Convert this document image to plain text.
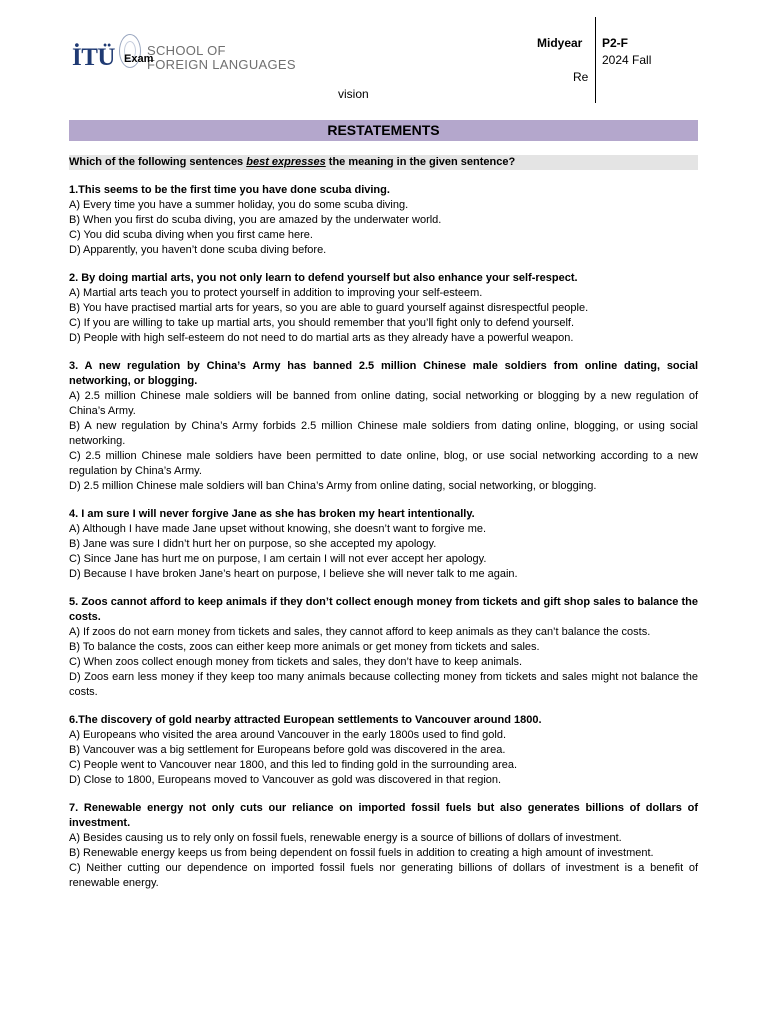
İTÜ SCHOOL OF
FOREIGN LANGUAGES
Exam
Midyear
Re
vision
P2-F
2024 Fall
RESTATEMENTS
Which of the following sentences best expresses the meaning in the given sentence?
1.This seems to be the first time you have done scuba diving.
A) Every time you have a summer holiday, you do some scuba diving.
B) When you first do scuba diving, you are amazed by the underwater world.
C) You did scuba diving when you first came here.
D) Apparently, you haven’t done scuba diving before.
2. By doing martial arts, you not only learn to defend yourself but also enhance your self-respect.
A) Martial arts teach you to protect yourself in addition to improving your self-esteem.
B) You have practised martial arts for years, so you are able to guard yourself against disrespectful people.
C) If you are willing to take up martial arts, you should remember that you’ll fight only to defend yourself.
D) People with high self-esteem do not need to do martial arts as they already have a powerful weapon.
3. A new regulation by China’s Army has banned 2.5 million Chinese male soldiers from online dating, social networking, or blogging.
A) 2.5 million Chinese male soldiers will be banned from online dating, social networking or blogging by a new regulation of China’s Army.
B) A new regulation by China’s Army forbids 2.5 million Chinese male soldiers from dating online, blogging, or using social networking.
C) 2.5 million Chinese male soldiers have been permitted to date online, blog, or use social networking according to a new regulation by China’s Army.
D) 2.5 million Chinese male soldiers will ban China’s Army from online dating, social networking, or blogging.
4. I am sure I will never forgive Jane as she has broken my heart intentionally.
A) Although I have made Jane upset without knowing, she doesn’t want to forgive me.
B) Jane was sure I didn’t hurt her on purpose, so she accepted my apology.
C) Since Jane has hurt me on purpose, I am certain I will not ever accept her apology.
D) Because I have broken Jane’s heart on purpose, I believe she will never talk to me again.
5. Zoos cannot afford to keep animals if they don’t collect enough money from tickets and gift shop sales to balance the costs.
A) If zoos do not earn money from tickets and sales, they cannot afford to keep animals as they can’t balance the costs.
B) To balance the costs, zoos can either keep more animals or get money from tickets and sales.
C) When zoos collect enough money from tickets and sales, they don’t have to keep animals.
D) Zoos earn less money if they keep too many animals because collecting money from tickets and sales might not balance the costs.
6.The discovery of gold nearby attracted European settlements to Vancouver around 1800.
A) Europeans who visited the area around Vancouver in the early 1800s used to find gold.
B) Vancouver was a big settlement for Europeans before gold was discovered in the area.
C) People went to Vancouver near 1800, and this led to finding gold in the surrounding area.
D) Close to 1800, Europeans moved to Vancouver as gold was discovered in that region.
7. Renewable energy not only cuts our reliance on imported fossil fuels but also generates billions of dollars of investment.
A) Besides causing us to rely only on fossil fuels, renewable energy is a source of billions of dollars of investment.
B) Renewable energy keeps us from being dependent on fossil fuels in addition to creating a high amount of investment.
C) Neither cutting our dependence on imported fossil fuels nor generating billions of dollars of investment is a benefit of renewable energy.
